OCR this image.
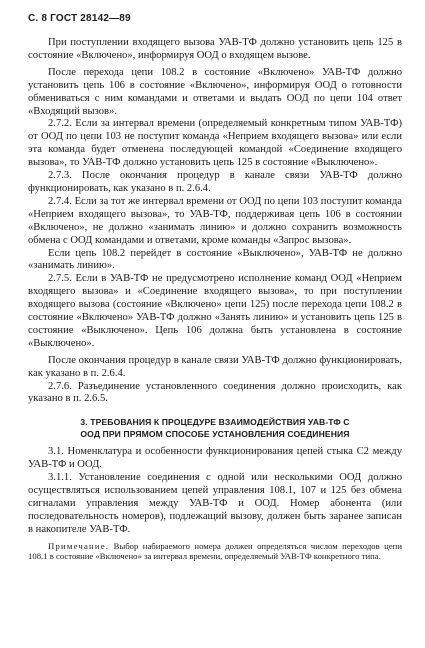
С. 8 ГОСТ 28142—89

При поступлении входящего вызова УАВ-ТФ должно установить цепь 125 в состояние «Включено», информируя ООД о входящем вызове.

После перехода цепи 108.2 в состояние «Включено» УАВ-ТФ должно установить цепь 106 в состояние «Включено», информируя ООД о готовности обмениваться с ним командами и ответами и выдать ООД по цепи 104 ответ «Входящий вызов».

2.7.2. Если за интервал времени (определяемый конкретным типом УАВ-ТФ) от ООД по цепи 103 не поступит команда «Неприем входящего вызова» или если эта команда будет отменена последующей командой «Соединение входящего вызова», то УАВ-ТФ должно установить цепь 125 в состояние «Выключено».

2.7.3. После окончания процедур в канале связи УАВ-ТФ должно функционировать, как указано в п. 2.6.4.

2.7.4. Если за тот же интервал времени от ООД по цепи 103 поступит команда «Неприем входящего вызова», то УАВ-ТФ, поддерживая цепь 106 в состоянии «Включено», не должно «занимать линию» и должно сохранить возможность обмена с ООД командами и ответами, кроме команды «Запрос вызова».

Если цепь 108.2 перейдет в состояние «Выключено», УАВ-ТФ не должно «занимать линию».

2.7.5. Если в УАВ-ТФ не предусмотрено исполнение команд ООД «Неприем входящего вызова» и «Соединение входящего вызова», то при поступлении входящего вызова (состояние «Включено» цепи 125) после перехода цепи 108.2 в состояние «Включено» УАВ-ТФ должно «Занять линию» и установить цепь 125 в состояние «Выключено». Цепь 106 должна быть установлена в состояние «Выключено».

После окончания процедур в канале связи УАВ-ТФ должно функционировать, как указано в п. 2.6.4.

2.7.6. Разъединение установленного соединения должно происходить, как указано в п. 2.6.5.

3. ТРЕБОВАНИЯ К ПРОЦЕДУРЕ ВЗАИМОДЕЙСТВИЯ УАВ-ТФ С
ООД ПРИ ПРЯМОМ СПОСОБЕ УСТАНОВЛЕНИЯ СОЕДИНЕНИЯ

3.1. Номенклатура и особенности функционирования цепей стыка С2 между УАВ-ТФ и ООД.

3.1.1. Установление соединения с одной или несколькими ООД должно осуществляться использованием цепей управления 108.1, 107 и 125 без обмена сигналами управления между УАВ-ТФ и ООД. Номер абонента (или последовательность номеров), подлежащий вызову, должен быть заранее записан в накопителе УАВ-ТФ.

Примечание. Выбор набираемого номера должен определяться числом переходов цепи 108.1 в состояние «Включено» за интервал времени, определяемый УАВ-ТФ конкретного типа.
